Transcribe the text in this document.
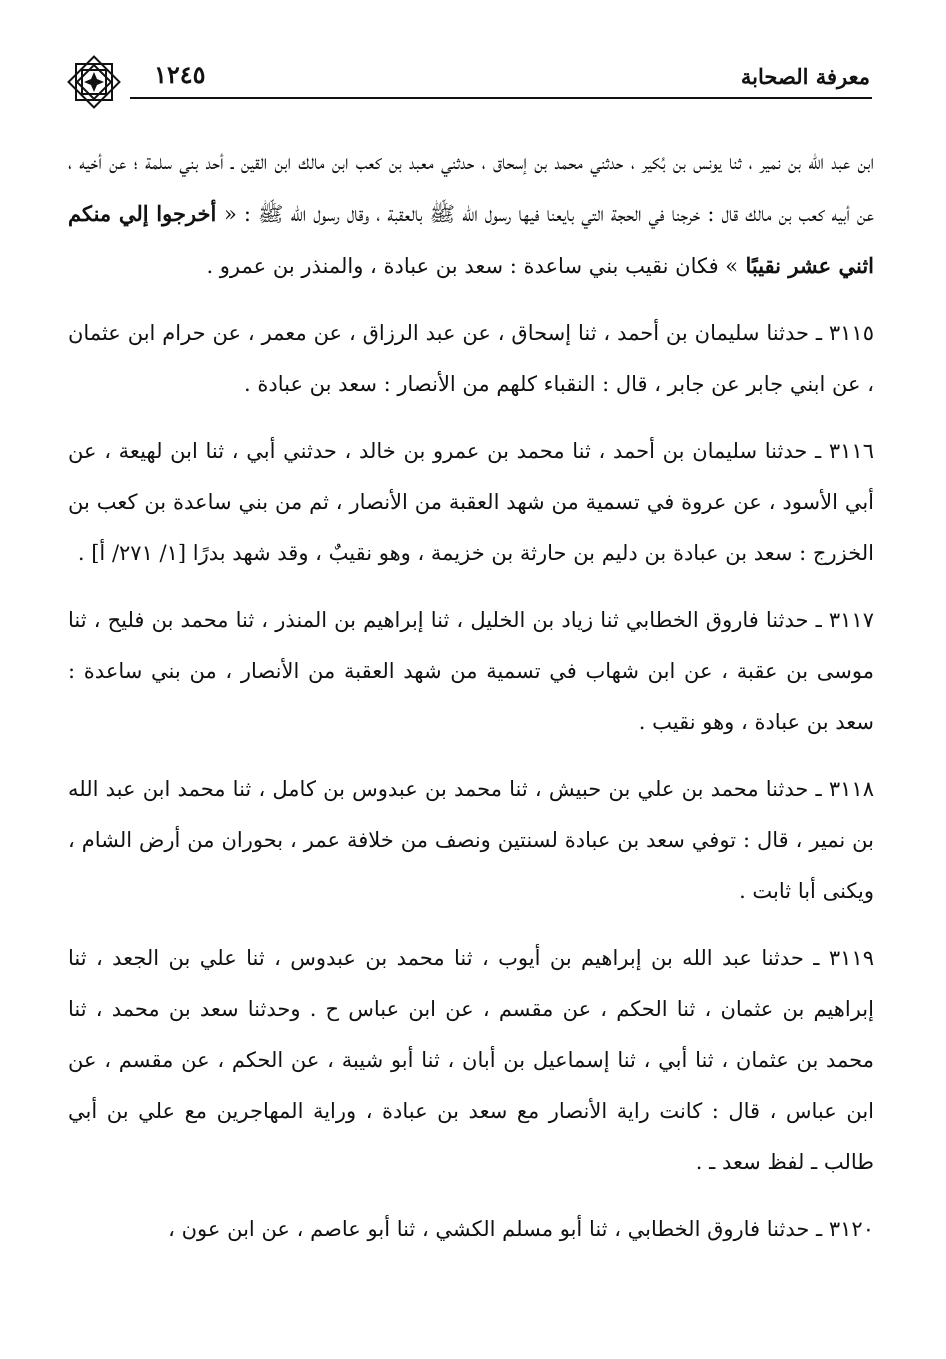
١٢٤٥	معرفة الصحابة

ابن عبد الله بن نمير ، ثنا يونس بن بُكير ، حدثني محمد بن إسحاق ، حدثني معبد بن كعب ابن مالك ابن القين ـ أحد بني سلمة ؛ عن أخيه ، عن أبيه كعب بن مالك قال : خرجنا في الحجة التي بايعنا فيها رسول الله ﷺ بالعقبة ، وقال رسول الله ﷺ : « أخرجوا إلي منكم اثني عشر نقيبًا » فكان نقيب بني ساعدة : سعد بن عبادة ، والمنذر بن عمرو .

٣١١٥ ـ حدثنا سليمان بن أحمد ، ثنا إسحاق ، عن عبد الرزاق ، عن معمر ، عن حرام ابن عثمان ، عن ابني جابر عن جابر ، قال : النقباء كلهم من الأنصار : سعد بن عبادة .

٣١١٦ ـ حدثنا سليمان بن أحمد ، ثنا محمد بن عمرو بن خالد ، حدثني أبي ، ثنا ابن لهيعة ، عن أبي الأسود ، عن عروة في تسمية من شهد العقبة من الأنصار ، ثم من بني ساعدة بن كعب بن الخزرج : سعد بن عبادة بن دليم بن حارثة بن خزيمة ، وهو نقيبٌ ، وقد شهد بدرًا [١/ ٢٧١/ أ] .

٣١١٧ ـ حدثنا فاروق الخطابي ثنا زياد بن الخليل ، ثنا إبراهيم بن المنذر ، ثنا محمد بن فليح ، ثنا موسى بن عقبة ، عن ابن شهاب في تسمية من شهد العقبة من الأنصار ، من بني ساعدة : سعد بن عبادة ، وهو نقيب .

٣١١٨ ـ حدثنا محمد بن علي بن حبيش ، ثنا محمد بن عبدوس بن كامل ، ثنا محمد ابن عبد الله بن نمير ، قال : توفي سعد بن عبادة لسنتين ونصف من خلافة عمر ، بحوران من أرض الشام ، ويكنى أبا ثابت .

٣١١٩ ـ حدثنا عبد الله بن إبراهيم بن أيوب ، ثنا محمد بن عبدوس ، ثنا علي بن الجعد ، ثنا إبراهيم بن عثمان ، ثنا الحكم ، عن مقسم ، عن ابن عباس ح . وحدثنا سعد بن محمد ، ثنا محمد بن عثمان ، ثنا أبي ، ثنا إسماعيل بن أبان ، ثنا أبو شيبة ، عن الحكم ، عن مقسم ، عن ابن عباس ، قال : كانت راية الأنصار مع سعد بن عبادة ، وراية المهاجرين مع علي بن أبي طالب ـ لفظ سعد ـ .

٣١٢٠ ـ حدثنا فاروق الخطابي ، ثنا أبو مسلم الكشي ، ثنا أبو عاصم ، عن ابن عون ،
